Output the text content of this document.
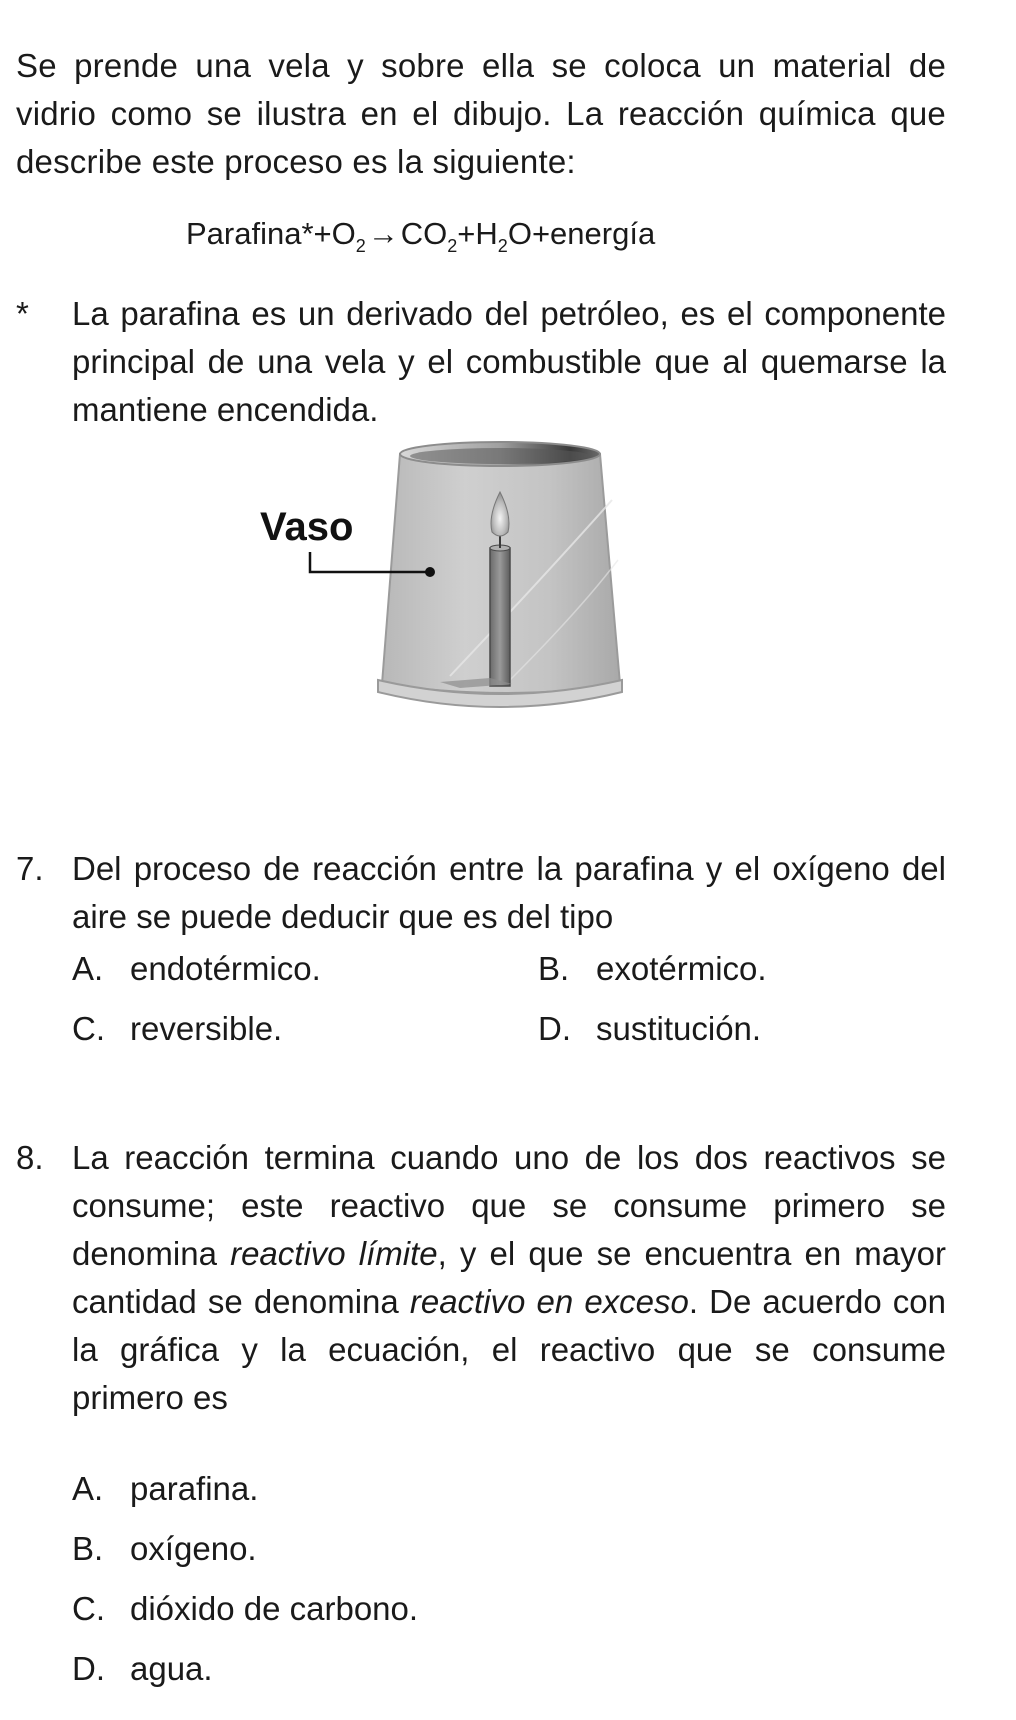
Se prende una vela y sobre ella se coloca un material de vidrio como se ilustra en el dibujo. La reacción química que describe este proceso es la siguiente:
$Parafina*+O_2\to CO_2+H_2O+energía$
* La parafina es un derivado del petróleo, es el componente principal de una vela y el combustible que al quemarse la mantiene encendida.
Vaso
7. Del proceso de reacción entre la parafina y el oxígeno del aire se puede deducir que es del tipo
A. endotérmico.	B. exotérmico.
C. reversible.	D. sustitución.
8. La reacción termina cuando uno de los dos reactivos se consume; este reactivo que se consume primero se denomina reactivo límite, y el que se encuentra en mayor cantidad se denomina reactivo en exceso. De acuerdo con la gráfica y la ecuación, el reactivo que se consume primero es
A. parafina.
B. oxígeno.
C. dióxido de carbono.
D. agua.
